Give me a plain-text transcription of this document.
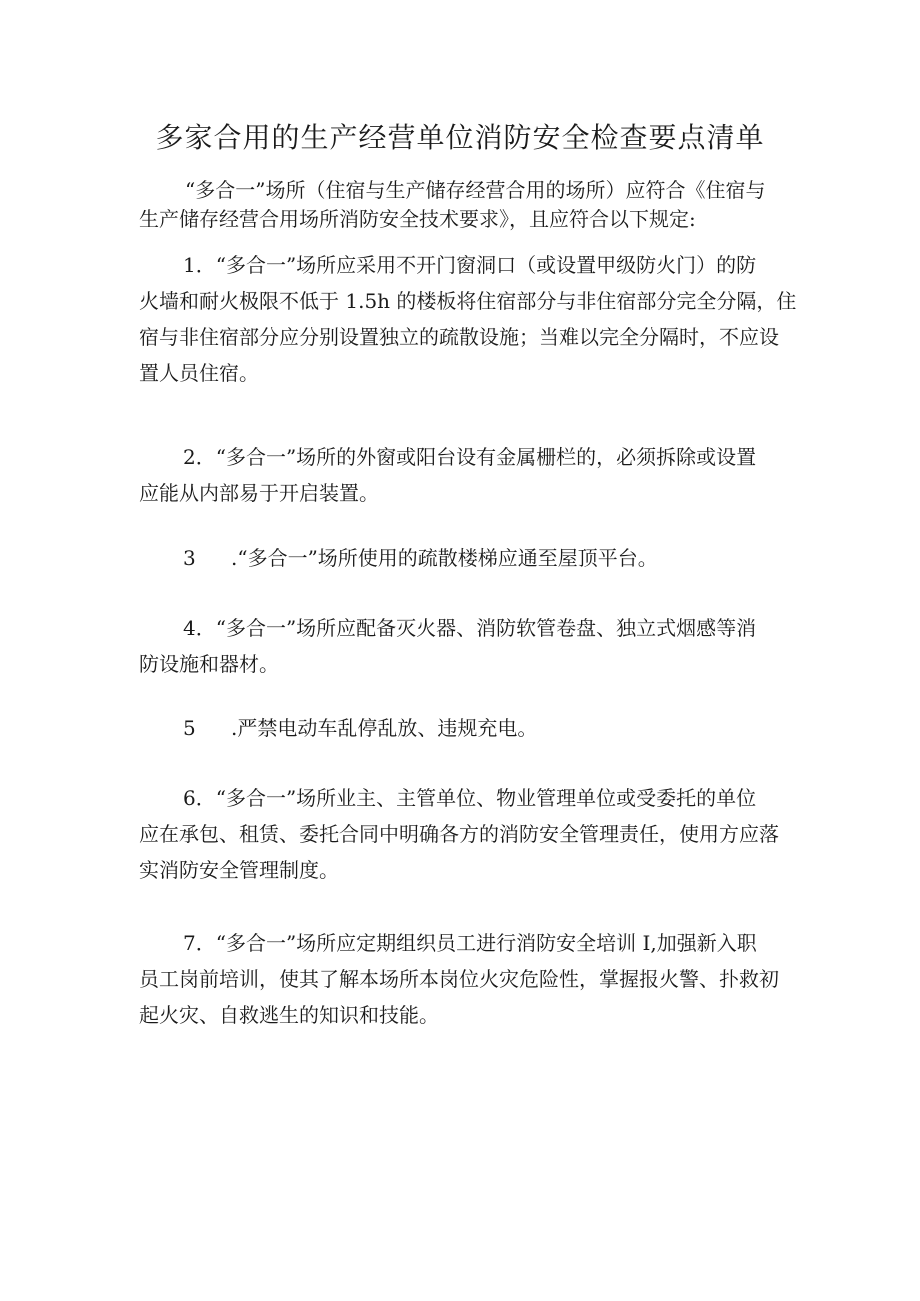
多家合用的生产经营单位消防安全检查要点清单
“多合一”场所（住宿与生产储存经营合用的场所）应符合《住宿与
生产储存经营合用场所消防安全技术要求》，且应符合以下规定:
1．“多合一”场所应采用不开门窗洞口（或设置甲级防火门）的防
火墙和耐火极限不低于 1.5h 的楼板将住宿部分与非住宿部分完全分隔，住
宿与非住宿部分应分别设置独立的疏散设施；当难以完全分隔时，不应设
置人员住宿。
2．“多合一”场所的外窗或阳台设有金属栅栏的，必须拆除或设置
应能从内部易于开启装置。
3 .“多合一”场所使用的疏散楼梯应通至屋顶平台。
4．“多合一”场所应配备灭火器、消防软管卷盘、独立式烟感等消
防设施和器材。
5 .严禁电动车乱停乱放、违规充电。
6．“多合一”场所业主、主管单位、物业管理单位或受委托的单位
应在承包、租赁、委托合同中明确各方的消防安全管理责任，使用方应落
实消防安全管理制度。
7．“多合一”场所应定期组织员工进行消防安全培训 I,加强新入职
员工岗前培训，使其了解本场所本岗位火灾危险性，掌握报火警、扑救初
起火灾、自救逃生的知识和技能。
